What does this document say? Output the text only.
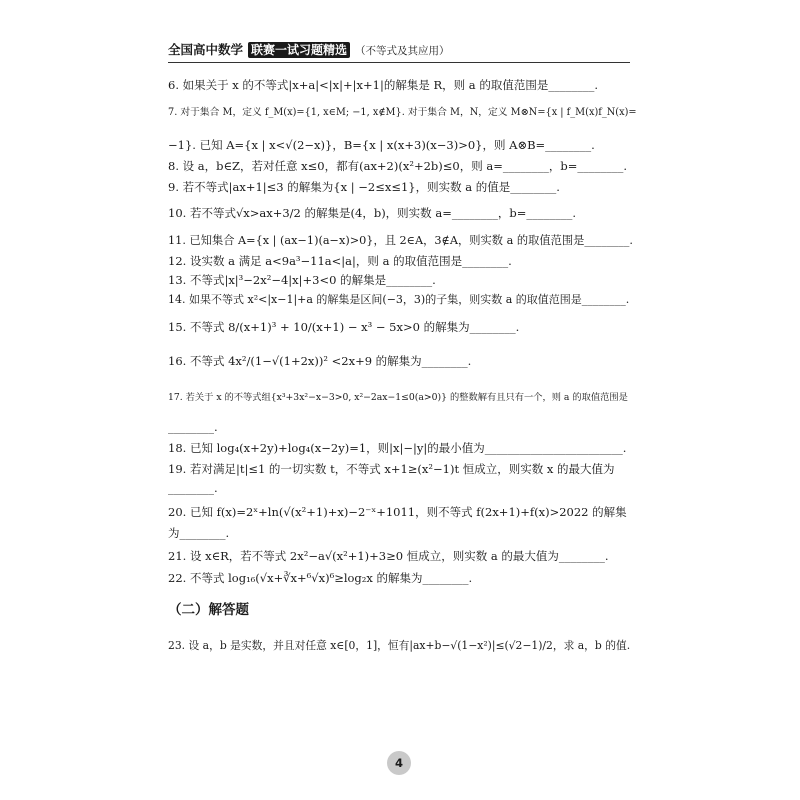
全国高中数学 联赛一试习题精选 （不等式及其应用）
6. 如果关于 x 的不等式|x+a|<|x|+|x+1|的解集是 R，则 a 的取值范围是________.
7. 对于集合 M，定义 f_M(x)={1, x∈M; −1, x∉M}. 对于集合 M，N，定义 M⊗N={x | f_M(x)f_N(x)=
−1}. 已知 A={x | x<√(2−x)}，B={x | x(x+3)(x−3)>0}，则 A⊗B=________.
8. 设 a，b∈Z，若对任意 x≤0，都有(ax+2)(x²+2b)≤0，则 a=________，b=________.
9. 若不等式|ax+1|≤3 的解集为{x | −2≤x≤1}，则实数 a 的值是________.
10. 若不等式√x>ax+3/2 的解集是(4，b)，则实数 a=________，b=________.
11. 已知集合 A={x | (ax−1)(a−x)>0}，且 2∈A，3∉A，则实数 a 的取值范围是________.
12. 设实数 a 满足 a<9a³−11a<|a|，则 a 的取值范围是________.
13. 不等式|x|³−2x²−4|x|+3<0 的解集是________.
14. 如果不等式 x²<|x−1|+a 的解集是区间(−3，3)的子集，则实数 a 的取值范围是________.
15. 不等式 8/(x+1)³ + 10/(x+1) − x³ − 5x>0 的解集为________.
16. 不等式 4x²/(1−√(1+2x))² <2x+9 的解集为________.
17. 若关于 x 的不等式组{x³+3x²−x−3>0, x²−2ax−1≤0(a>0)} 的整数解有且只有一个，则 a 的取值范围是
________.
18. 已知 log₄(x+2y)+log₄(x−2y)=1，则|x|−|y|的最小值为________________________.
19. 若对满足|t|≤1 的一切实数 t，不等式 x+1≥(x²−1)t 恒成立，则实数 x 的最大值为
________.
20. 已知 f(x)=2ˣ+ln(√(x²+1)+x)−2⁻ˣ+1011，则不等式 f(2x+1)+f(x)>2022 的解集
为________.
21. 设 x∈R，若不等式 2x²−a√(x²+1)+3≥0 恒成立，则实数 a 的最大值为________.
22. 不等式 log₁₆(√x+∛x+⁶√x)⁶≥log₂x 的解集为________.
（二）解答题
23. 设 a，b 是实数，并且对任意 x∈[0，1]，恒有|ax+b−√(1−x²)|≤(√2−1)/2，求 a，b 的值.
4
